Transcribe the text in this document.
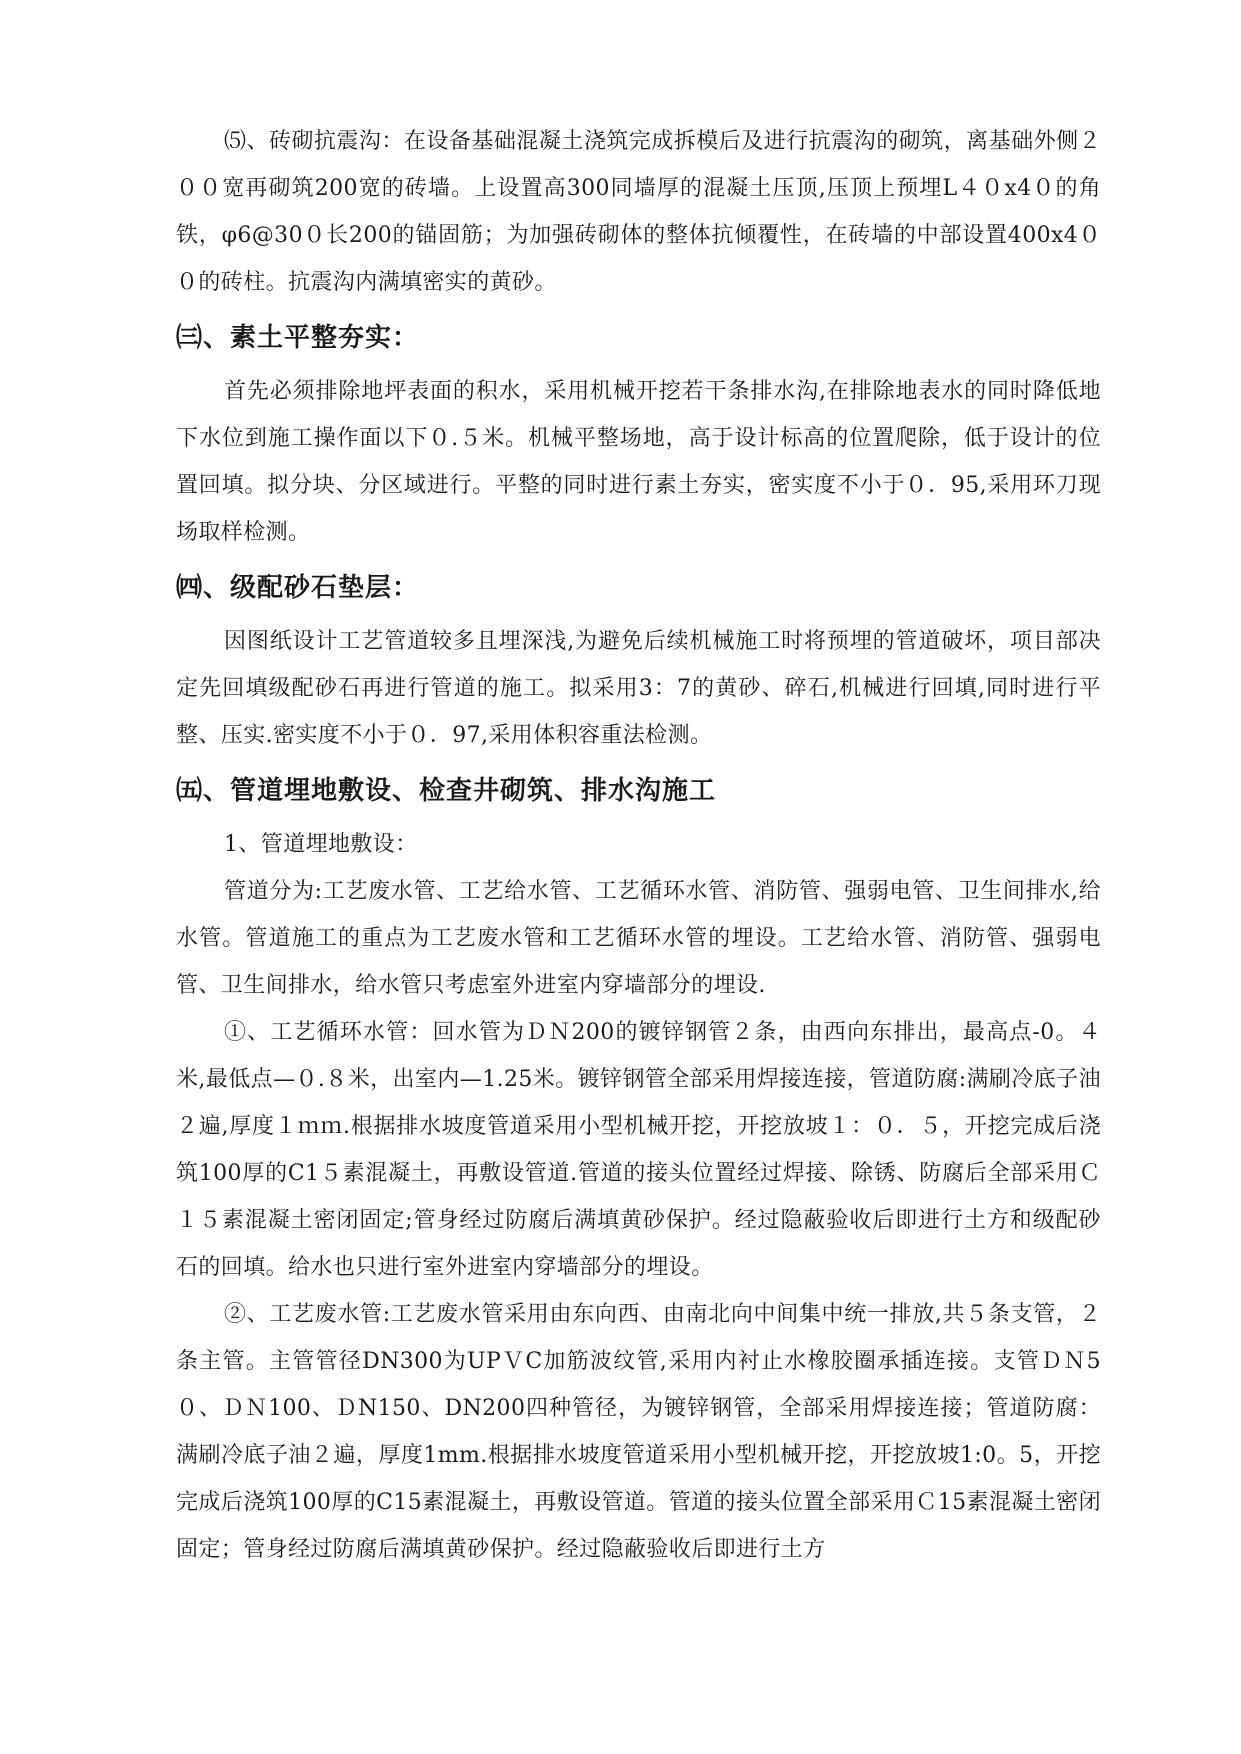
⑸、砖砌抗震沟：在设备基础混凝土浇筑完成拆模后及进行抗震沟的砌筑，离基础外侧２００宽再砌筑200宽的砖墙。上设置高300同墙厚的混凝土压顶,压顶上预埋L４０x4０的角铁，φ6@30０长200的锚固筋；为加强砖砌体的整体抗倾覆性，在砖墙的中部设置400x4００的砖柱。抗震沟内满填密实的黄砂。

㈢、素土平整夯实：

首先必须排除地坪表面的积水，采用机械开挖若干条排水沟,在排除地表水的同时降低地下水位到施工操作面以下０.５米。机械平整场地，高于设计标高的位置爬除，低于设计的位置回填。拟分块、分区域进行。平整的同时进行素土夯实，密实度不小于０．95,采用环刀现场取样检测。

㈣、级配砂石垫层：

因图纸设计工艺管道较多且埋深浅,为避免后续机械施工时将预埋的管道破坏，项目部决定先回填级配砂石再进行管道的施工。拟采用3：7的黄砂、碎石,机械进行回填,同时进行平整、压实.密实度不小于０．97,采用体积容重法检测。

㈤、管道埋地敷设、检查井砌筑、排水沟施工

1、管道埋地敷设：

管道分为:工艺废水管、工艺给水管、工艺循环水管、消防管、强弱电管、卫生间排水,给水管。管道施工的重点为工艺废水管和工艺循环水管的埋设。工艺给水管、消防管、强弱电管、卫生间排水，给水管只考虑室外进室内穿墙部分的埋设.

①、工艺循环水管：回水管为ＤＮ200的镀锌钢管２条，由西向东排出，最高点-0。４米,最低点—０.８米，出室内—1.25米。镀锌钢管全部采用焊接连接，管道防腐:满刷冷底子油２遍,厚度１ｍｍ.根据排水坡度管道采用小型机械开挖，开挖放坡１：０．５，开挖完成后浇筑100厚的C1５素混凝土，再敷设管道.管道的接头位置经过焊接、除锈、防腐后全部采用Ｃ１５素混凝土密闭固定;管身经过防腐后满填黄砂保护。经过隐蔽验收后即进行土方和级配砂石的回填。给水也只进行室外进室内穿墙部分的埋设。

②、工艺废水管:工艺废水管采用由东向西、由南北向中间集中统一排放,共５条支管，２条主管。主管管径DN300为UPＶC加筋波纹管,采用内衬止水橡胶圈承插连接。支管ＤＮ5０、ＤＮ100、ＤN150、DN200四种管径，为镀锌钢管，全部采用焊接连接；管道防腐：满刷冷底子油２遍，厚度1mm.根据排水坡度管道采用小型机械开挖，开挖放坡1:0。5，开挖完成后浇筑100厚的C15素混凝土，再敷设管道。管道的接头位置全部采用Ｃ15素混凝土密闭固定；管身经过防腐后满填黄砂保护。经过隐蔽验收后即进行土方
